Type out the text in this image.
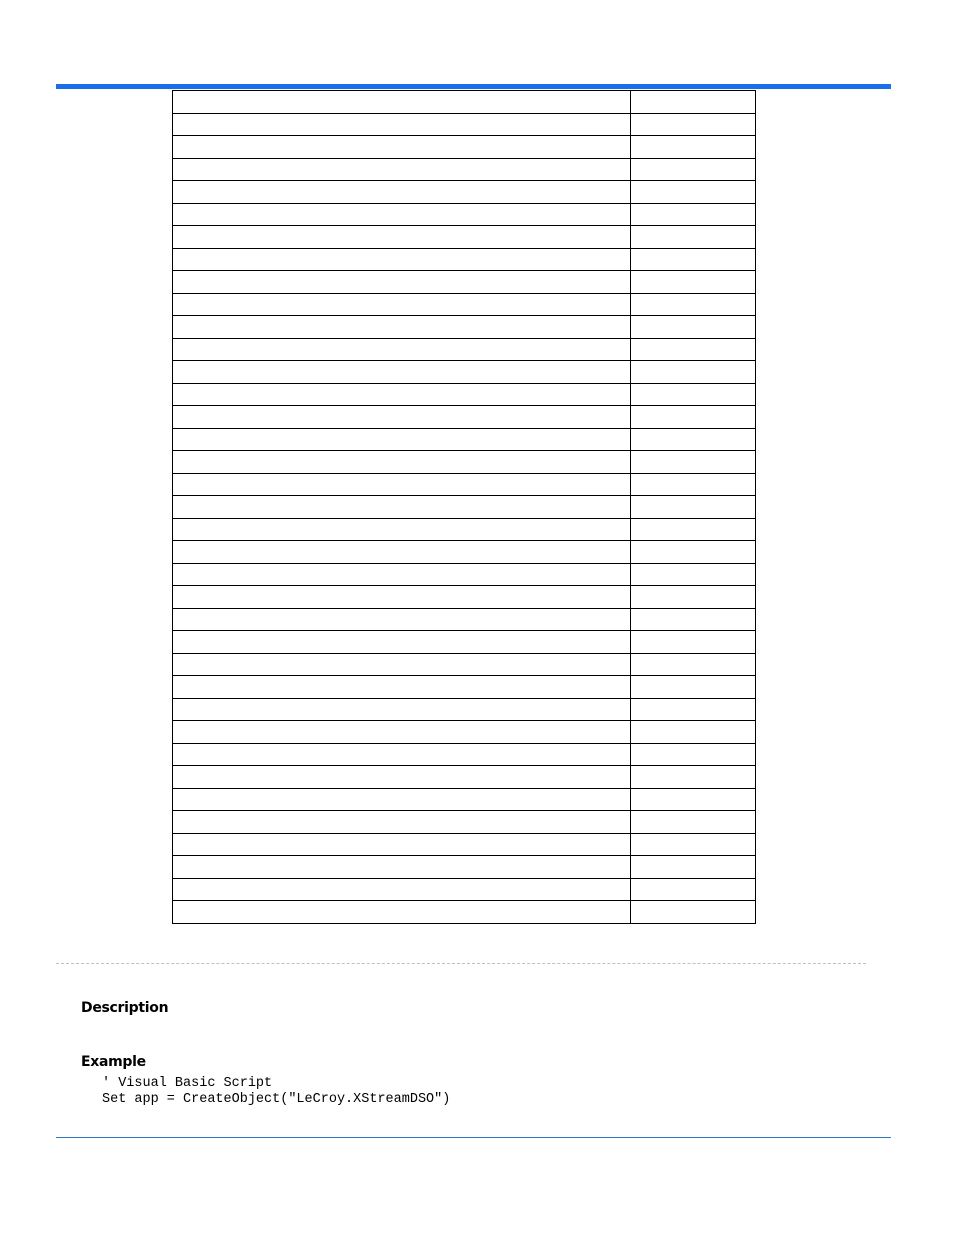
Description
Example
' Visual Basic Script
Set app = CreateObject("LeCroy.XStreamDSO")
